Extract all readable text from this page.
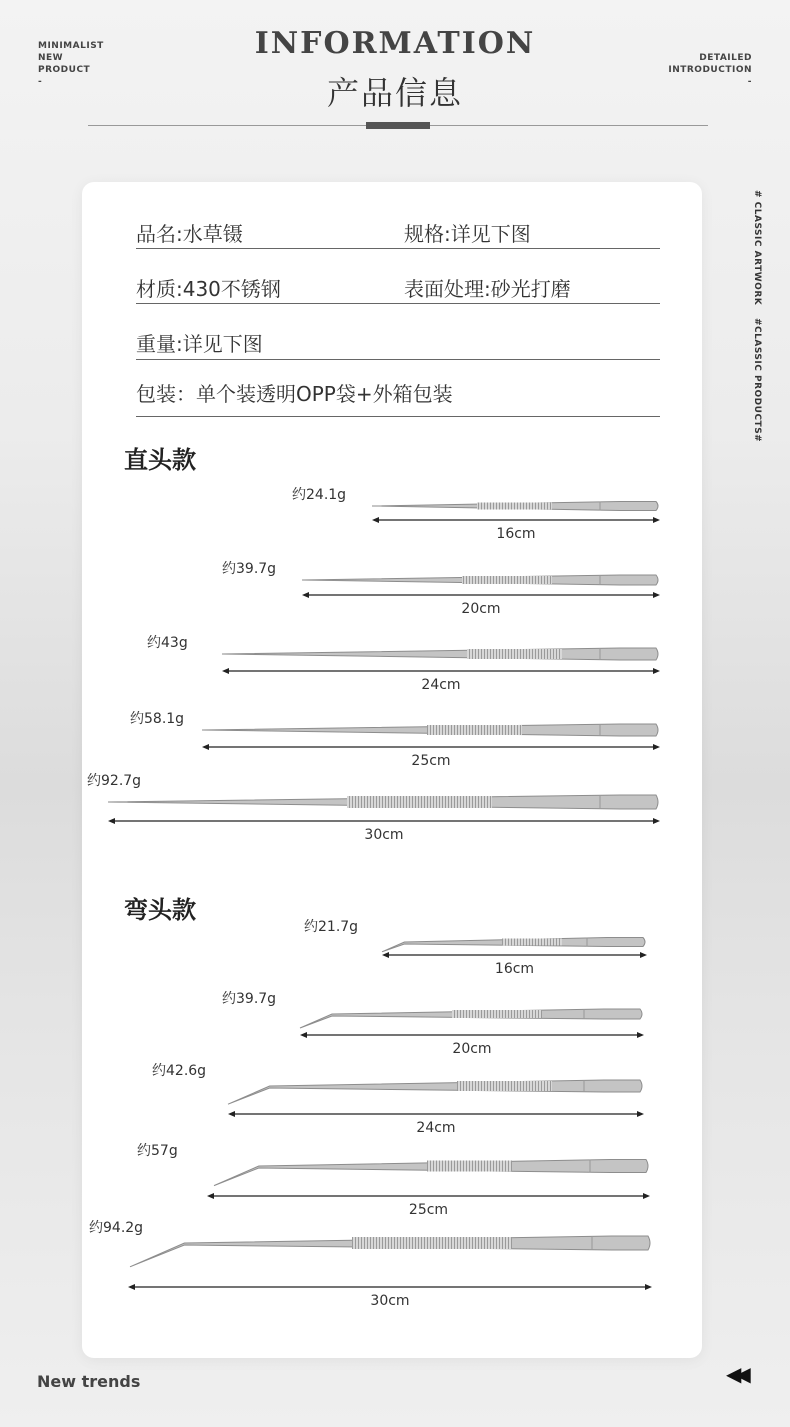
MINIMALIST
NEW
PRODUCT
-
INFORMATION
产品信息
DETAILED
INTRODUCTION
-
# CLASSIC ARTWORK
#CLASSIC PRODUCTS#
品名:水草镊	规格:详见下图
材质:430不锈钢	表面处理:砂光打磨
重量:详见下图
包装：单个装透明OPP袋+外箱包装
直头款
约24.1g
16cm
约39.7g
20cm
约43g
24cm
约58.1g
25cm
约92.7g
30cm
弯头款
约21.7g
16cm
约39.7g
20cm
约42.6g
24cm
约57g
25cm
约94.2g
30cm
New trends	◀◀
